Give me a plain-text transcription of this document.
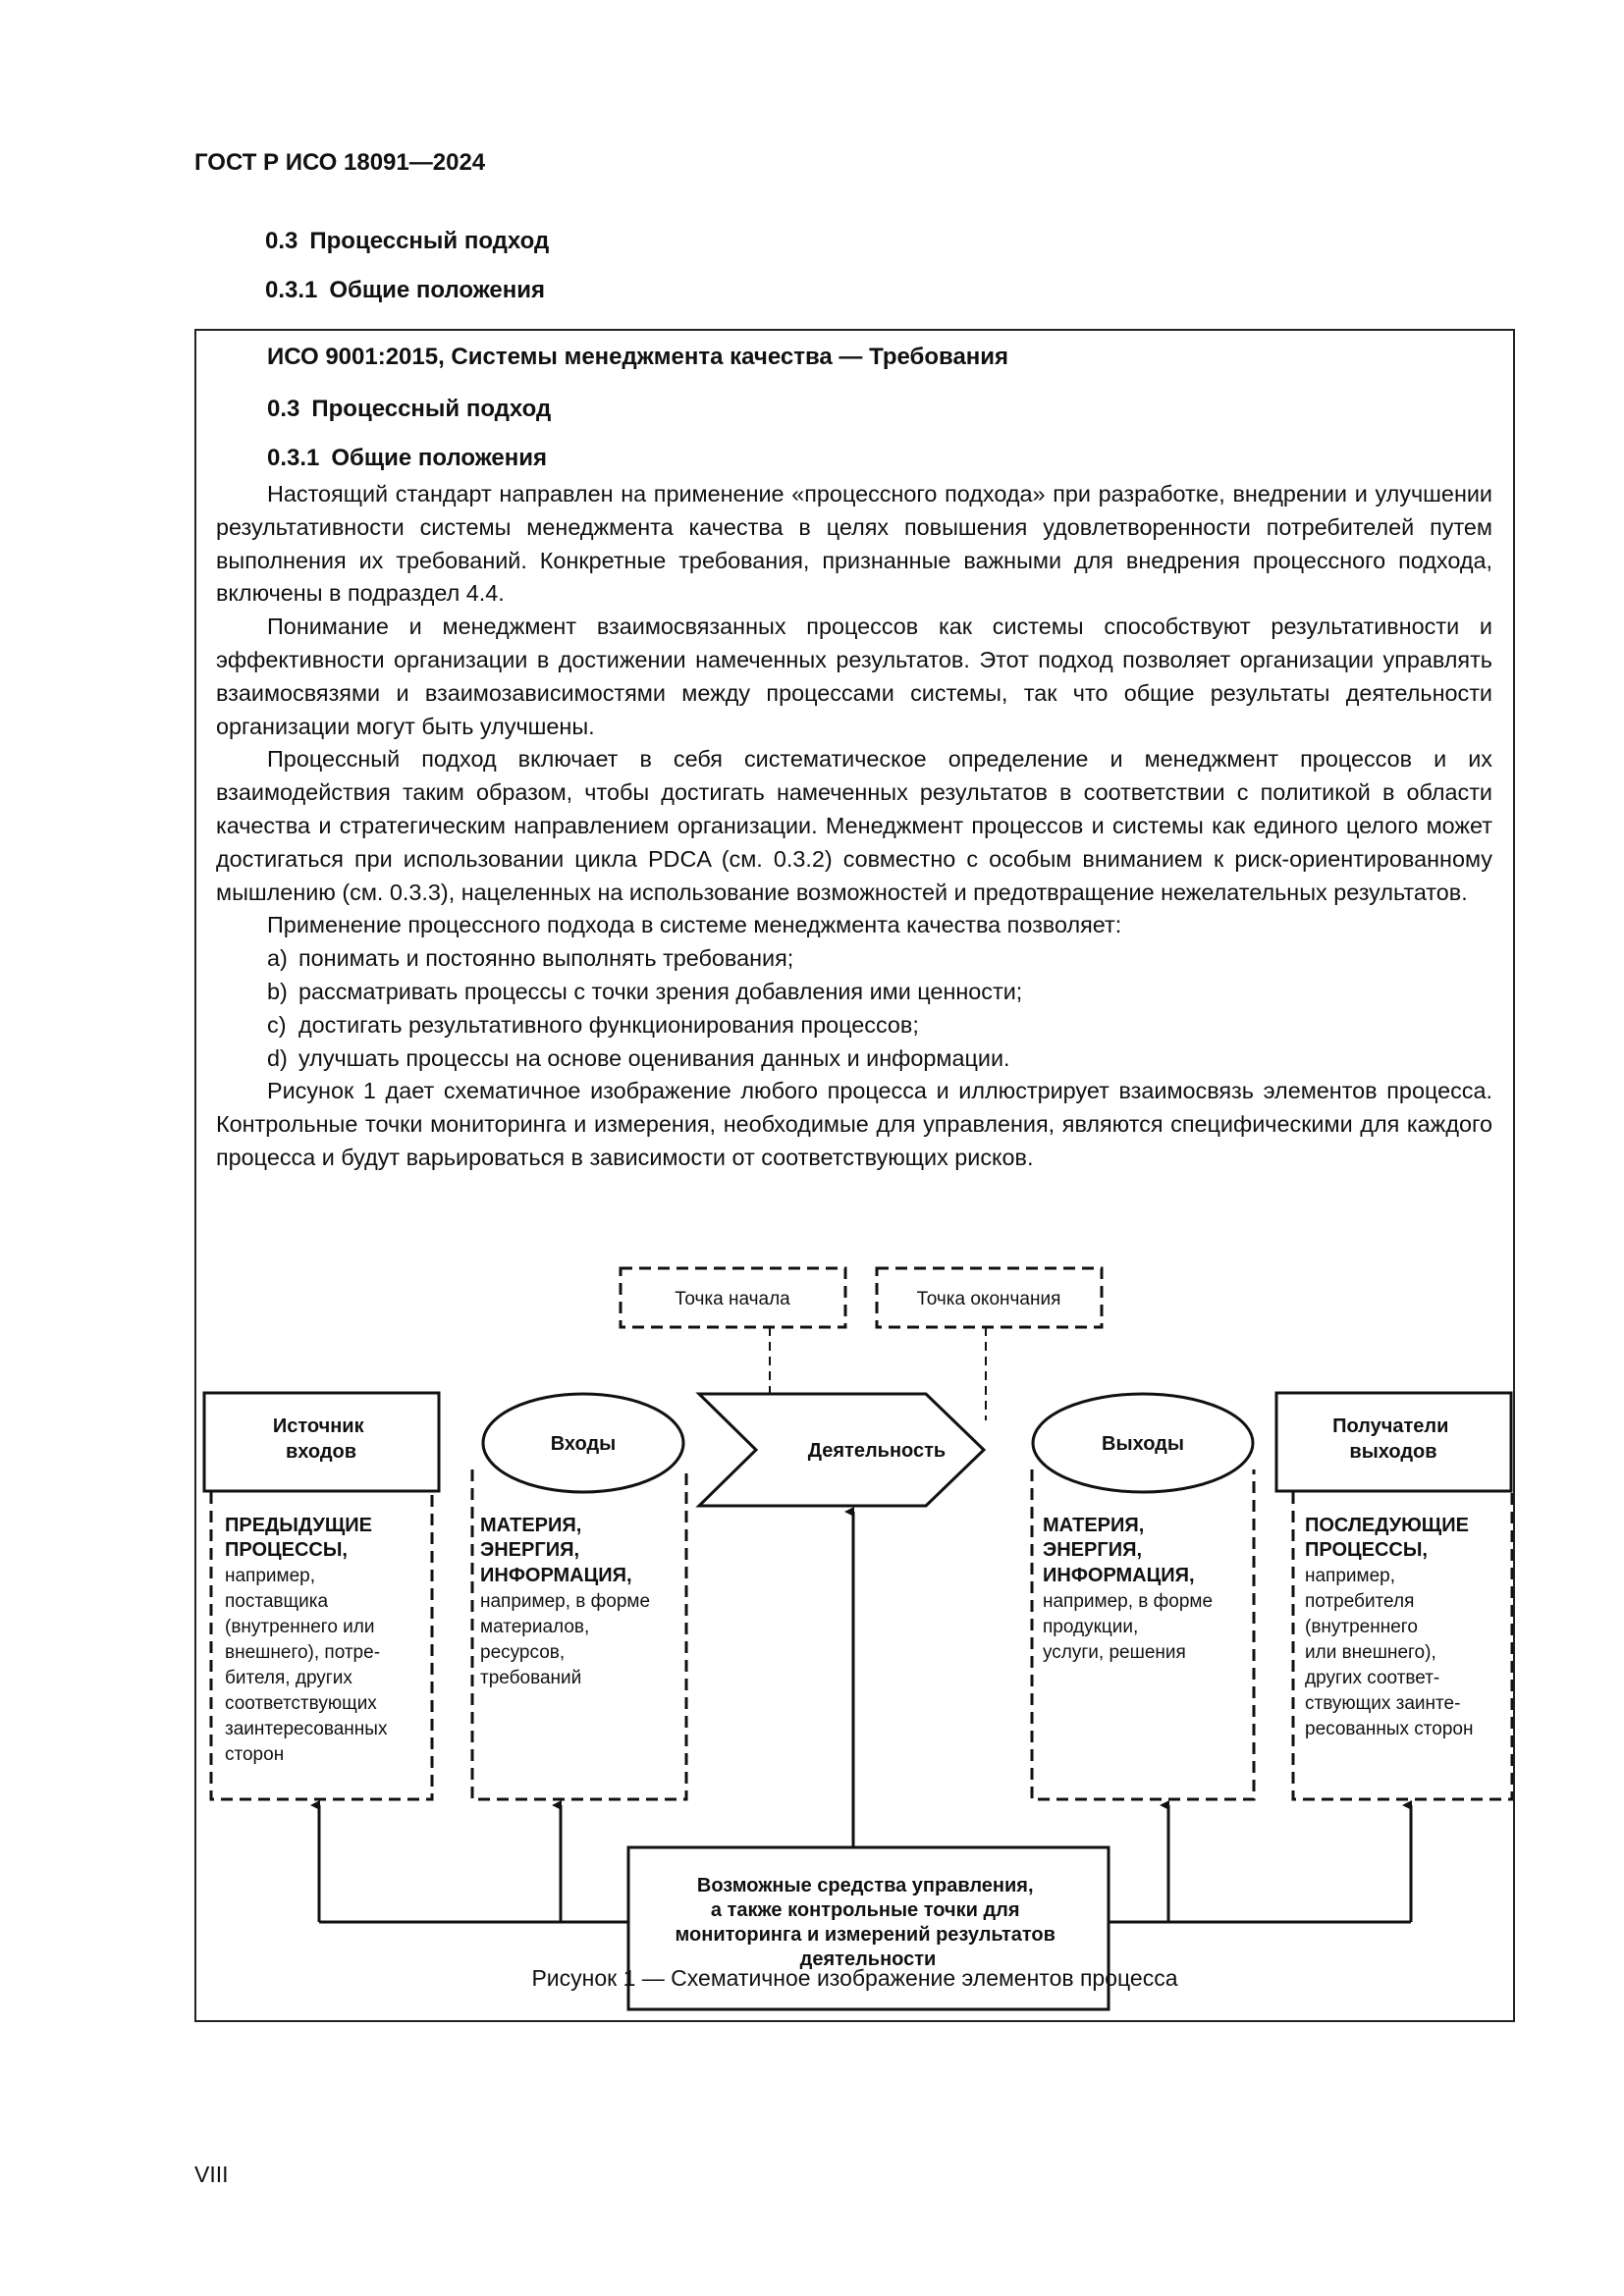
ГОСТ Р ИСО 18091—2024
0.3 Процессный подход
0.3.1 Общие положения
ИСО 9001:2015, Системы менеджмента качества — Требования
0.3 Процессный подход
0.3.1 Общие положения

Настоящий стандарт направлен на применение «процессного подхода» при разработке, внедрении и улучшении результативности системы менеджмента качества в целях повышения удовлетворенности потребителей путем выполнения их требований. Конкретные требования, признанные важными для внедрения процессного подхода, включены в подраздел 4.4.

Понимание и менеджмент взаимосвязанных процессов как системы способствуют результативности и эффективности организации в достижении намеченных результатов. Этот подход позволяет организации управлять взаимосвязями и взаимозависимостями между процессами системы, так что общие результаты деятельности организации могут быть улучшены.

Процессный подход включает в себя систематическое определение и менеджмент процессов и их взаимодействия таким образом, чтобы достигать намеченных результатов в соответствии с политикой в области качества и стратегическим направлением организации. Менеджмент процессов и системы как единого целого может достигаться при использовании цикла PDCA (см. 0.3.2) совместно с особым вниманием к риск-ориентированному мышлению (см. 0.3.3), нацеленных на использование возможностей и предотвращение нежелательных результатов.

Применение процессного подхода в системе менеджмента качества позволяет:

a) понимать и постоянно выполнять требования;

b) рассматривать процессы с точки зрения добавления ими ценности;

c) достигать результативного функционирования процессов;

d) улучшать процессы на основе оценивания данных и информации.

Рисунок 1 дает схематичное изображение любого процесса и иллюстрирует взаимосвязь элементов процесса. Контрольные точки мониторинга и измерения, необходимые для управления, являются специфическими для каждого процесса и будут варьироваться в зависимости от соответствующих рисков.

Точка начала	Точка окончания
Источник входов	Входы	Деятельность	Выходы
Получатели выходов
ПРЕДЫДУЩИЕ ПРОЦЕССЫ, например, поставщика (внутреннего или внешнего), потре- бителя, других соответствующих заинтересованных сторон
МАТЕРИЯ, ЭНЕРГИЯ, ИНФОРМАЦИЯ, например, в форме материалов, ресурсов, требований
МАТЕРИЯ, ЭНЕРГИЯ, ИНФОРМАЦИЯ, например, в форме продукции, услуги, решения
ПОСЛЕДУЮЩИЕ ПРОЦЕССЫ, например, потребителя (внутреннего или внешнего), других соответ- ствующих заинте- ресованных сторон
Возможные средства управления, а также контрольные точки для мониторинга и измерений результатов деятельности
Рисунок 1 — Схематичное изображение элементов процесса
VIII
